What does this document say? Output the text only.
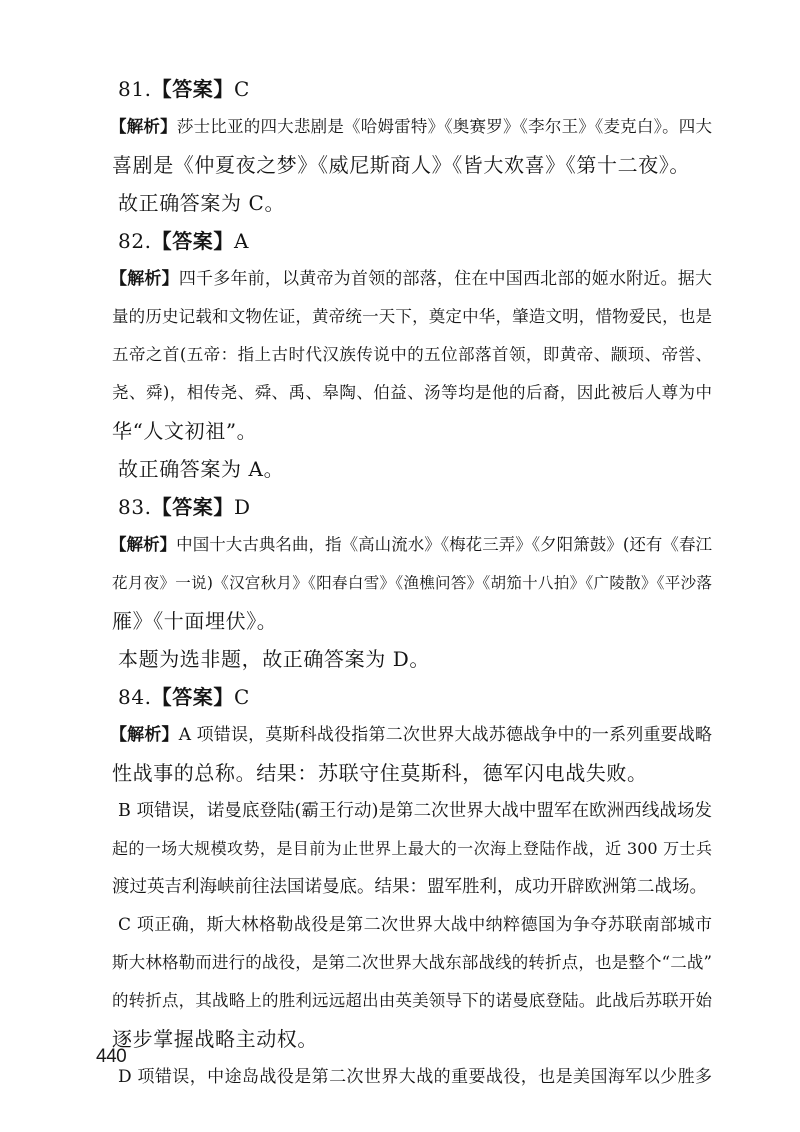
81.【答案】C
【解析】莎士比亚的四大悲剧是《哈姆雷特》《奥赛罗》《李尔王》《麦克白》。四大
喜剧是《仲夏夜之梦》《威尼斯商人》《皆大欢喜》《第十二夜》。
故正确答案为 C。
82.【答案】A
【解析】四千多年前，以黄帝为首领的部落，住在中国西北部的姬水附近。据大
量的历史记载和文物佐证，黄帝统一天下，奠定中华，肇造文明，惜物爱民，也是
五帝之首(五帝：指上古时代汉族传说中的五位部落首领，即黄帝、颛顼、帝喾、
尧、舜)，相传尧、舜、禹、皋陶、伯益、汤等均是他的后裔，因此被后人尊为中
华“人文初祖”。
故正确答案为 A。
83.【答案】D
【解析】中国十大古典名曲，指《高山流水》《梅花三弄》《夕阳箫鼓》(还有《春江
花月夜》一说)《汉宫秋月》《阳春白雪》《渔樵问答》《胡笳十八拍》《广陵散》《平沙落
雁》《十面埋伏》。
本题为选非题，故正确答案为 D。
84.【答案】C
【解析】A 项错误，莫斯科战役指第二次世界大战苏德战争中的一系列重要战略
性战事的总称。结果：苏联守住莫斯科，德军闪电战失败。
B 项错误，诺曼底登陆(霸王行动)是第二次世界大战中盟军在欧洲西线战场发
起的一场大规模攻势，是目前为止世界上最大的一次海上登陆作战，近 300 万士兵
渡过英吉利海峡前往法国诺曼底。结果：盟军胜利，成功开辟欧洲第二战场。
C 项正确，斯大林格勒战役是第二次世界大战中纳粹德国为争夺苏联南部城市
斯大林格勒而进行的战役，是第二次世界大战东部战线的转折点，也是整个“二战”
的转折点，其战略上的胜利远远超出由英美领导下的诺曼底登陆。此战后苏联开始
逐步掌握战略主动权。
D 项错误，中途岛战役是第二次世界大战的重要战役，也是美国海军以少胜多
440
